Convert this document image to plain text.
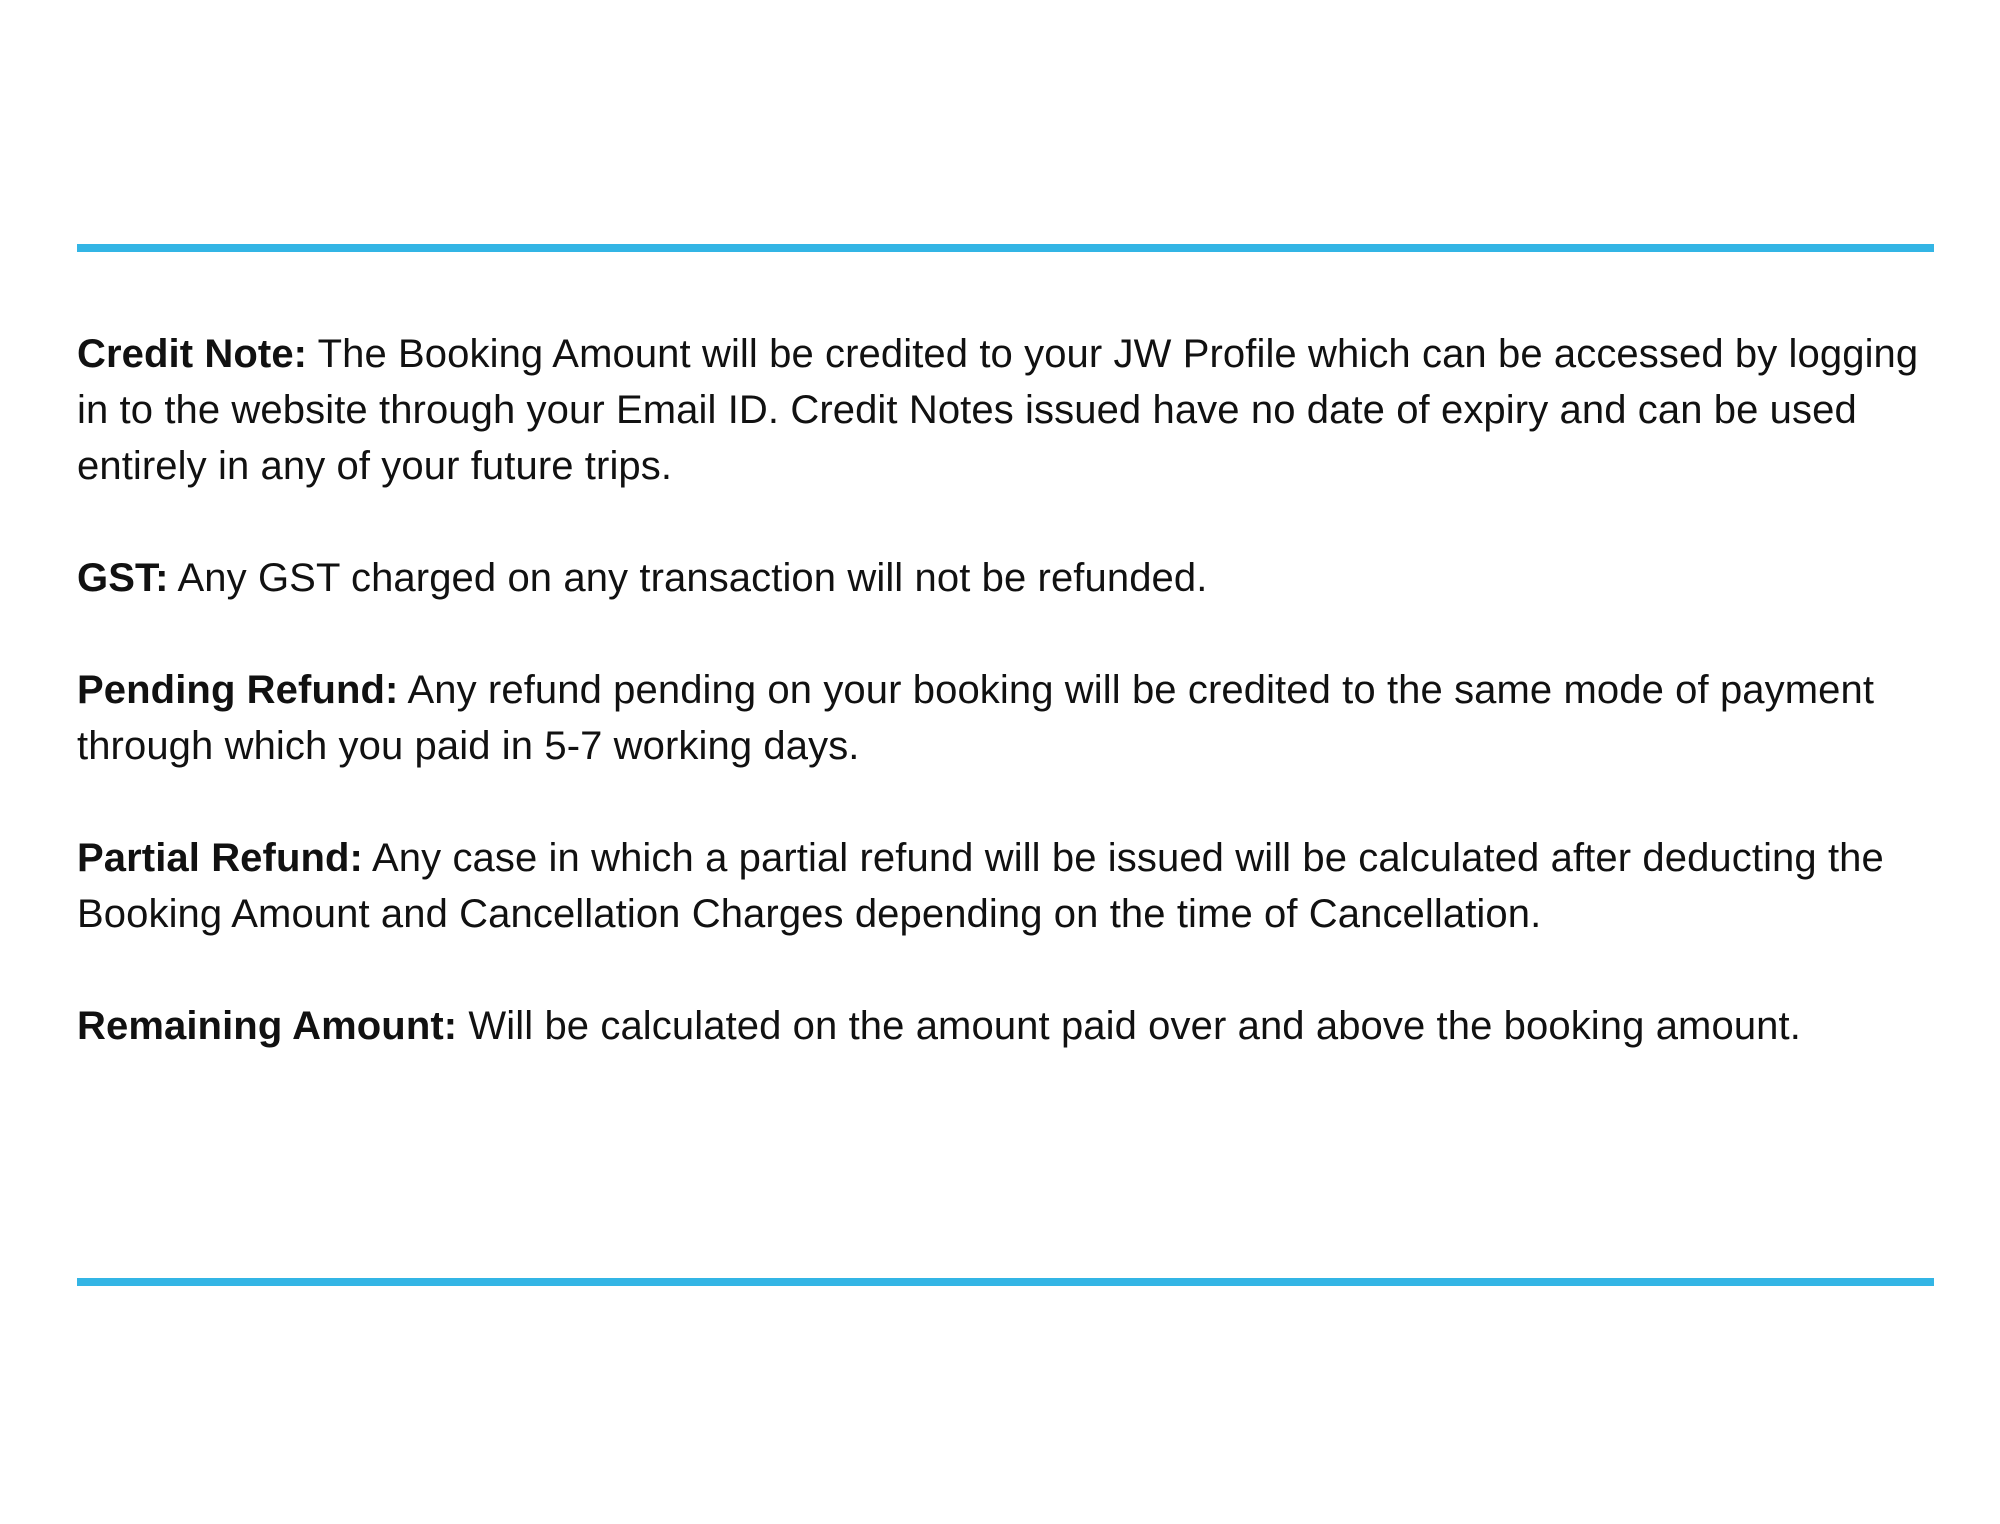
Credit Note: The Booking Amount will be credited to your JW Profile which can be accessed by logging in to the website through your Email ID. Credit Notes issued have no date of expiry and can be used entirely in any of your future trips.

GST: Any GST charged on any transaction will not be refunded.

Pending Refund: Any refund pending on your booking will be credited to the same mode of payment through which you paid in 5-7 working days.

Partial Refund: Any case in which a partial refund will be issued will be calculated after deducting the Booking Amount and Cancellation Charges depending on the time of Cancellation.

Remaining Amount: Will be calculated on the amount paid over and above the booking amount.
